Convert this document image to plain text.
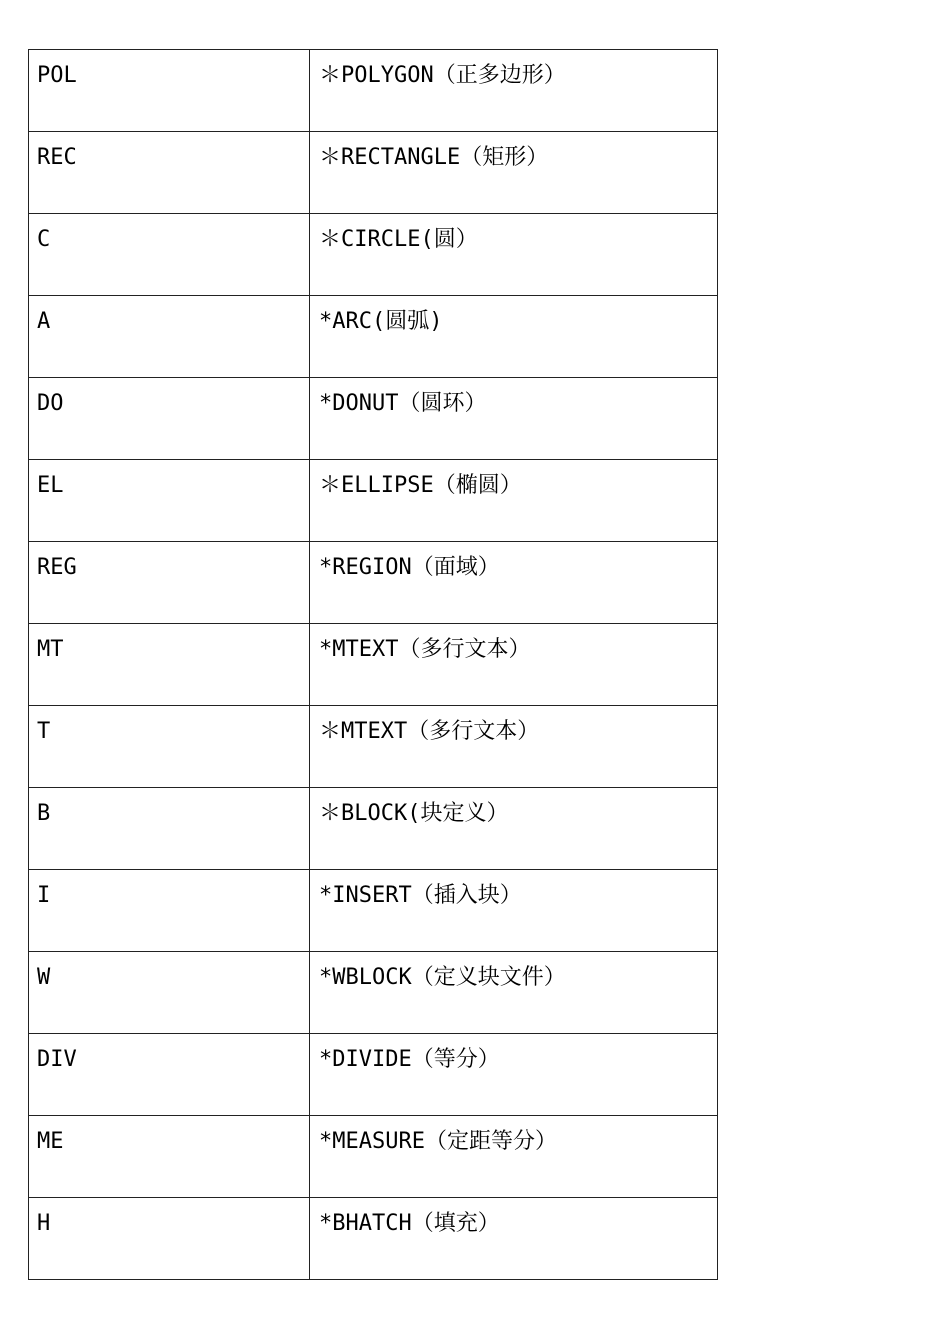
POL	＊POLYGON（正多边形）

REC	＊RECTANGLE（矩形）

C	＊CIRCLE(圆）

A	*ARC(圆弧)

DO	*DONUT（圆环）

EL	＊ELLIPSE（椭圆）

REG	*REGION（面域）

MT	*MTEXT（多行文本）

T	＊MTEXT（多行文本）

B	＊BLOCK(块定义）

I	*INSERT（插入块）

W	*WBLOCK（定义块文件）

DIV	*DIVIDE（等分）

ME	*MEASURE（定距等分）

H	*BHATCH（填充）
